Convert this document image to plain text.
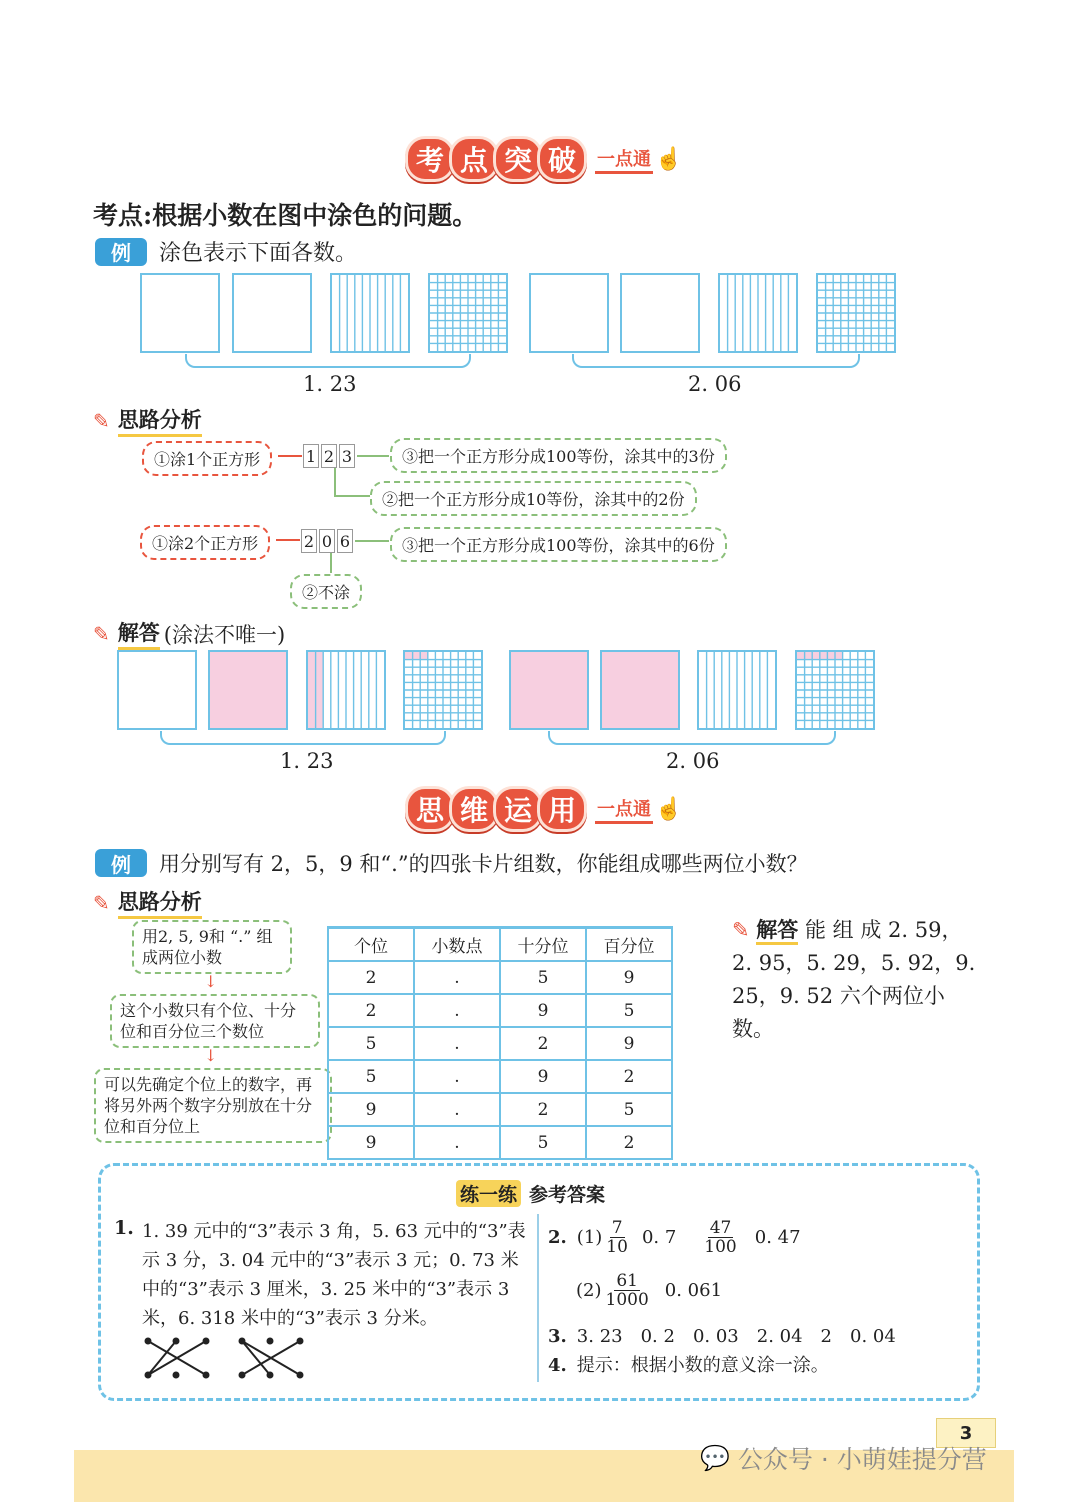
考 点 突 破	一点通 ☝
考点:根据小数在图中涂色的问题。
例	涂色表示下面各数。
1. 23	2. 06
✎ 思路分析
①涂1个正方形	1 2 3	③把一个正方形分成100等份，涂其中的3份
②把一个正方形分成10等份，涂其中的2份
①涂2个正方形	2 0 6	③把一个正方形分成100等份，涂其中的6份
②不涂
✎ 解答 (涂法不唯一)
1. 23	2. 06
思 维 运 用	一点通 ☝
例	用分别写有 2，5，9 和“.”的四张卡片组数，你能组成哪些两位小数？
✎ 思路分析
用2, 5, 9和 “.” 组成两位小数
↓
这个小数只有个位、十分位和百分位三个数位
↓
可以先确定个位上的数字，再将另外两个数字分别放在十分位和百分位上
个位	小数点	十分位	百分位
2	.	5	9
2	.	9	5
5	.	2	9
5	.	9	2
9	.	2	5
9	.	5	2
✎ 解答 能 组 成 2. 59，2. 95，5. 29，5. 92，9. 25，9. 52 六个两位小数。
练一练 参考答案
1. 1. 39 元中的“3”表示 3 角，5. 63 元中的“3”表示 3 分，3. 04 元中的“3”表示 3 元；0. 73 米中的“3”表示 3 厘米，3. 25 米中的“3”表示 3 米，6. 318 米中的“3”表示 3 分米。
2. $(1) \frac{7}{10} 0$. $7 \frac{47}{100} 0$. 47
$(2) \frac{61}{1000} 0$. 061
3. 3. 23　0. 2　0. 03　2. 04　2　0. 04
4. 提示：根据小数的意义涂一涂。
3
💬 公众号 · 小萌娃提分营
